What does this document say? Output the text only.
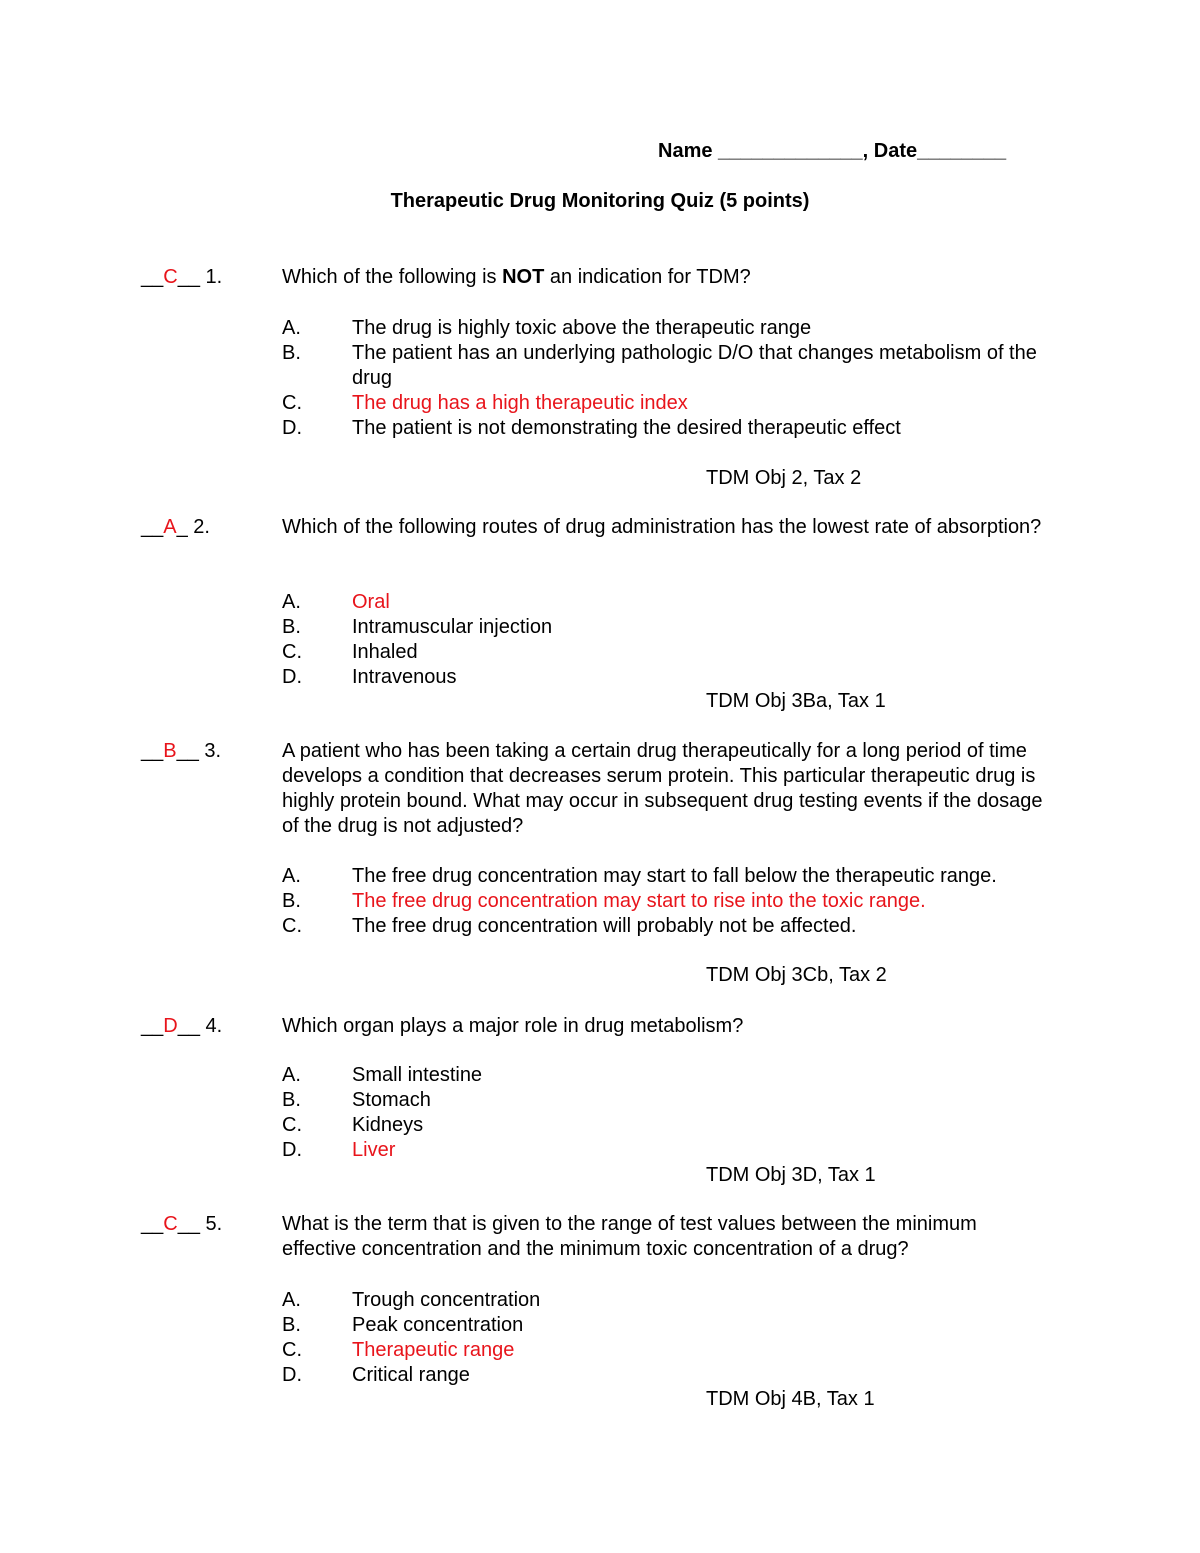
Name _____________, Date________
Therapeutic Drug Monitoring Quiz (5 points)
__C__ 1.	Which of the following is NOT an indication for TDM?
A.	The drug is highly toxic above the therapeutic range
B.	The patient has an underlying pathologic D/O that changes metabolism of the drug
C.	The drug has a high therapeutic index
D.	The patient is not demonstrating the desired therapeutic effect
TDM Obj 2, Tax 2
__A_ 2.	Which of the following routes of drug administration has the lowest rate of absorption?
A.	Oral
B.	Intramuscular injection
C.	Inhaled
D.	Intravenous
TDM Obj 3Ba, Tax 1
__B__ 3.	A patient who has been taking a certain drug therapeutically for a long period of time develops a condition that decreases serum protein. This particular therapeutic drug is highly protein bound. What may occur in subsequent drug testing events if the dosage of the drug is not adjusted?
A.	The free drug concentration may start to fall below the therapeutic range.
B.	The free drug concentration may start to rise into the toxic range.
C.	The free drug concentration will probably not be affected.
TDM Obj 3Cb, Tax 2
__D__ 4.	Which organ plays a major role in drug metabolism?
A.	Small intestine
B.	Stomach
C.	Kidneys
D.	Liver
TDM Obj 3D, Tax 1
__C__ 5.	What is the term that is given to the range of test values between the minimum effective concentration and the minimum toxic concentration of a drug?
A.	Trough concentration
B.	Peak concentration
C.	Therapeutic range
D.	Critical range
TDM Obj 4B, Tax 1
